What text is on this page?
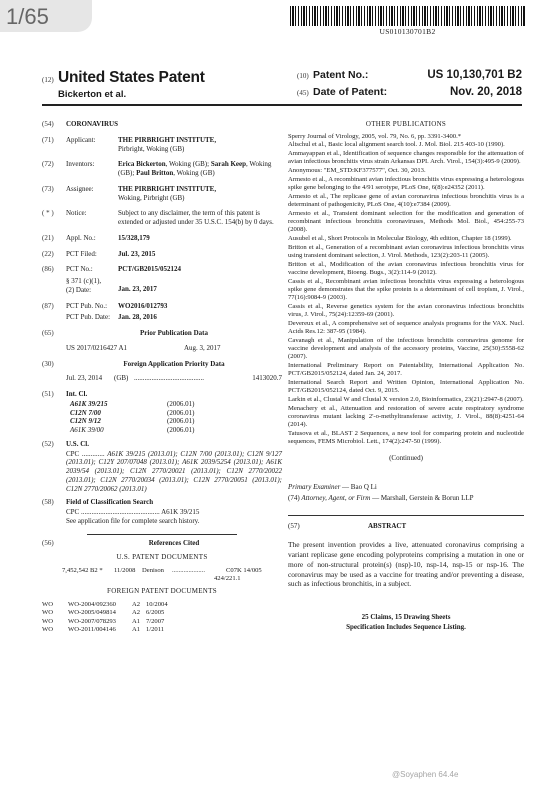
1/65
US010130701B2
(12) United States Patent
Bickerton et al.
(10) Patent No.:	US 10,130,701 B2
(45) Date of Patent:	Nov. 20, 2018
(54)	CORONAVIRUS
(71)	Applicant:	THE PIRBRIGHT INSTITUTE,
Pirbright, Woking (GB)
(72)	Inventors:	Erica Bickerton, Woking (GB); Sarah Keep, Woking (GB); Paul Britton, Woking (GB)
(73)	Assignee:	THE PIRBRIGHT INSTITUTE,
Woking, Pirbright (GB)
( * )	Notice:	Subject to any disclaimer, the term of this patent is extended or adjusted under 35 U.S.C. 154(b) by 0 days.
(21)	Appl. No.:	15/328,179
(22)	PCT Filed:	Jul. 23, 2015
(86)	PCT No.:	PCT/GB2015/052124
§ 371 (c)(1),
(2) Date:	Jan. 23, 2017
(87)	PCT Pub. No.:	WO2016/012793
PCT Pub. Date:	Jan. 28, 2016
(65)	Prior Publication Data
US 2017/0216427 A1	Aug. 3, 2017
(30)	Foreign Application Priority Data
Jul. 23, 2014	(GB) ........................................	1413020.7
(51)	Int. Cl.
A61K 39/215	(2006.01)
C12N 7/00	(2006.01)
C12N 9/12	(2006.01)
A61K 39/00	(2006.01)
(52)	U.S. Cl.
CPC ............. A61K 39/215 (2013.01); C12N 7/00 (2013.01); C12N 9/127 (2013.01); C12Y 207/07048 (2013.01); A61K 2039/5254 (2013.01); A61K 2039/54 (2013.01); C12N 2770/20021 (2013.01); C12N 2770/20022 (2013.01); C12N 2770/20034 (2013.01); C12N 2770/20051 (2013.01); C12N 2770/20062 (2013.01)
(58)	Field of Classification Search
CPC ............................................. A61K 39/215
See application file for complete search history.
(56)	References Cited
U.S. PATENT DOCUMENTS
7,452,542 B2 *	11/2008	Denison	....................	C07K 14/005
424/221.1
FOREIGN PATENT DOCUMENTS
WO	WO-2004/092360	A2 10/2004
WO	WO-2005/049814	A2 6/2005
WO	WO-2007/078293	A1 7/2007
WO	WO-2011/004146	A1 1/2011
OTHER PUBLICATIONS
Sperry Journal of Virology, 2005, vol. 79, No. 6, pp. 3391-3400.*
Altschul et al., Basic local alignment search tool. J. Mol. Biol. 215 403-10 (1990).
Ammayappan et al., Identification of sequence changes responsible for the attenuation of avian infectious bronchitis virus strain Arkansas DPI. Arch. Virol., 154(3):495-9 (2009).
Anonymous: "EM_STD:KF377577", Oct. 30, 2013.
Armesto et al., A recombinant avian infectious bronchitis virus expressing a heterologous spike gene belonging to the 4/91 serotype, PLoS One, 6(8):e24352 (2011).
Armesto et al., The replicase gene of avian coronavirus infectious bronchitis virus is a determinant of pathogenicity, PLoS One, 4(10):e7384 (2009).
Armesto et al., Transient dominant selection for the modification and generation of recombinant infectious bronchitis coronaviruses, Methods Mol. Biol., 454:255-73 (2008).
Ausubel et al., Short Protocols in Molecular Biology, 4th edition, Chapter 18 (1999).
Britton et al., Generation of a recombinant avian coronavirus infectious bronchitis virus using transient dominant selection, J. Virol. Methods, 123(2):203-11 (2005).
Britton et al., Modification of the avian coronavirus infectious bronchitis virus for vaccine development, Bioeng. Bugs., 3(2):114-9 (2012).
Cassis et al., Recombinant avian infectious bronchitis virus expressing a heterologous spike gene demonstrates that the spike protein is a determinant of cell tropism, J. Virol., 77(16):9084-9 (2003).
Cassis et al., Reverse genetics system for the avian coronavirus infectious bronchitis virus, J. Virol., 75(24):12359-69 (2001).
Devereux et al., A comprehensive set of sequence analysis programs for the VAX. Nucl. Acids Res.12: 387-95 (1984).
Cavanagh et al., Manipulation of the infectious bronchitis coronavirus genome for vaccine development and analysis of the accessory proteins, Vaccine, 25(30):5558-62 (2007).
International Preliminary Report on Patentability, International Application No. PCT/GB2015/052124, dated Jan. 24, 2017.
International Search Report and Written Opinion, International Application No. PCT/GB2015/052124, dated Oct. 9, 2015.
Larkin et al., Clustal W and Clustal X version 2.0, Bioinformatics, 23(21):2947-8 (2007).
Menachery et al., Attenuation and restoration of severe acute respiratory syndrome coronavirus mutant lacking 2'-o-methyltransferase activity, J. Virol., 88(8):4251-64 (2014).
Tatusova et al., BLAST 2 Sequences, a new tool for comparing protein and nucleotide sequences, FEMS Microbiol. Lett., 174(2):247-50 (1999).
(Continued)
Primary Examiner — Bao Q Li
(74) Attorney, Agent, or Firm — Marshall, Gerstein & Borun LLP
(57)	ABSTRACT
The present invention provides a live, attenuated coronavirus comprising a variant replicase gene encoding polyproteins comprising a mutation in one or more of non-structural protein(s) (nsp)-10, nsp-14, nsp-15 or nsp-16. The coronavirus may be used as a vaccine for treating and/or preventing a disease, such as infectious bronchitis, in a subject.
25 Claims, 15 Drawing Sheets
Specification Includes Sequence Listing.
@Soyaphen 64.4e
